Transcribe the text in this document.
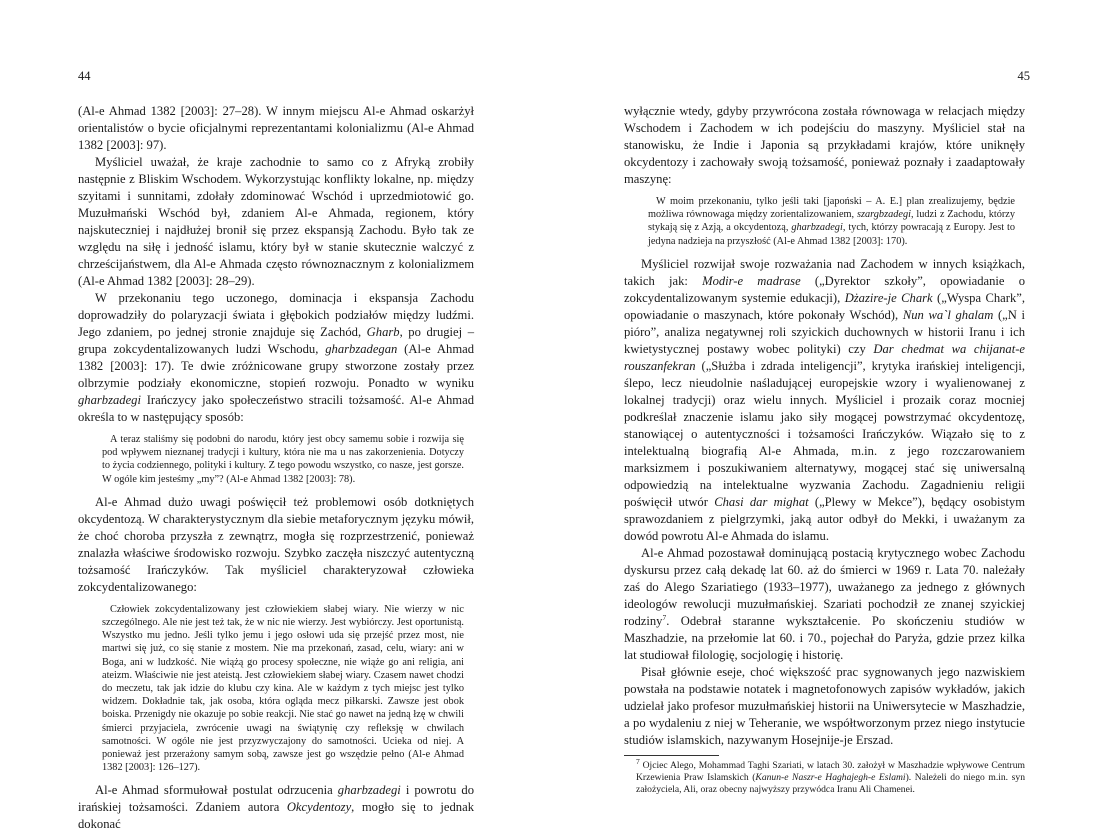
44

(Al-e Ahmad 1382 [2003]: 27–28). W innym miejscu Al-e Ahmad oskarżył orientalistów o bycie oficjalnymi reprezentantami kolonializmu (Al-e Ahmad 1382 [2003]: 97).

Myśliciel uważał, że kraje zachodnie to samo co z Afryką zrobiły następnie z Bliskim Wschodem. Wykorzystując konflikty lokalne, np. między szyitami i sunnitami, zdołały zdominować Wschód i uprzedmiotowić go. Muzułmański Wschód był, zdaniem Al-e Ahmada, regionem, który najskuteczniej i najdłużej bronił się przez ekspansją Zachodu. Było tak ze względu na siłę i jedność islamu, który był w stanie skutecznie walczyć z chrześcijaństwem, dla Al-e Ahmada często równoznacznym z kolonializmem (Al-e Ahmad 1382 [2003]: 28–29).

W przekonaniu tego uczonego, dominacja i ekspansja Zachodu doprowadziły do polaryzacji świata i głębokich podziałów między ludźmi. Jego zdaniem, po jednej stronie znajduje się Zachód, Gharb, po drugiej – grupa zokcydentalizowanych ludzi Wschodu, gharbzadegan (Al-e Ahmad 1382 [2003]: 17). Te dwie zróżnicowane grupy stworzone zostały przez olbrzymie podziały ekonomiczne, stopień rozwoju. Ponadto w wyniku gharbzadegi Irańczycy jako społeczeństwo stracili tożsamość. Al-e Ahmad określa to w następujący sposób:

A teraz staliśmy się podobni do narodu, który jest obcy samemu sobie i rozwija się pod wpływem nieznanej tradycji i kultury, która nie ma u nas zakorzenienia. Dotyczy to życia codziennego, polityki i kultury. Z tego powodu wszystko, co nasze, jest gorsze. W ogóle kim jesteśmy „my”? (Al-e Ahmad 1382 [2003]: 78).

Al-e Ahmad dużo uwagi poświęcił też problemowi osób dotkniętych okcydentozą. W charakterystycznym dla siebie metaforycznym języku mówił, że choć choroba przyszła z zewnątrz, mogła się rozprzestrzenić, ponieważ znalazła właściwe środowisko rozwoju. Szybko zaczęła niszczyć autentyczną tożsamość Irańczyków. Tak myśliciel charakteryzował człowieka zokcydentalizowanego:

Człowiek zokcydentalizowany jest człowiekiem słabej wiary. Nie wierzy w nic szczególnego. Ale nie jest też tak, że w nic nie wierzy. Jest wybiórczy. Jest oportunistą. Wszystko mu jedno. Jeśli tylko jemu i jego osłowi uda się przejść przez most, nie martwi się już, co się stanie z mostem. Nie ma przekonań, zasad, celu, wiary: ani w Boga, ani w ludzkość. Nie wiążą go procesy społeczne, nie wiąże go ani religia, ani ateizm. Właściwie nie jest ateistą. Jest człowiekiem słabej wiary. Czasem nawet chodzi do meczetu, tak jak idzie do klubu czy kina. Ale w każdym z tych miejsc jest tylko widzem. Dokładnie tak, jak osoba, która ogląda mecz piłkarski. Zawsze jest obok boiska. Przenigdy nie okazuje po sobie reakcji. Nie stać go nawet na jedną łzę w chwili śmierci przyjaciela, zwrócenie uwagi na świątynię czy refleksję w chwilach samotności. W ogóle nie jest przyzwyczajony do samotności. Ucieka od niej. A ponieważ jest przerażony samym sobą, zawsze jest go wszędzie pełno (Al-e Ahmad 1382 [2003]: 126–127).

Al-e Ahmad sformułował postulat odrzucenia gharbzadegi i powrotu do irańskiej tożsamości. Zdaniem autora Okcydentozy, mogło się to jednak dokonać

45

wyłącznie wtedy, gdyby przywrócona została równowaga w relacjach między Wschodem i Zachodem w ich podejściu do maszyny. Myśliciel stał na stanowisku, że Indie i Japonia są przykładami krajów, które uniknęły okcydentozy i zachowały swoją tożsamość, ponieważ poznały i zaadaptowały maszynę:

W moim przekonaniu, tylko jeśli taki [japoński – A. E.] plan zrealizujemy, będzie możliwa równowaga między zorientalizowaniem, szargbzadegi, ludzi z Zachodu, którzy stykają się z Azją, a okcydentozą, gharbzadegi, tych, którzy powracają z Europy. Jest to jedyna nadzieja na przyszłość (Al-e Ahmad 1382 [2003]: 170).

Myśliciel rozwijał swoje rozważania nad Zachodem w innych książkach, takich jak: Modir-e madrase („Dyrektor szkoły”, opowiadanie o zokcydentalizowanym systemie edukacji), Dżazire-je Chark („Wyspa Chark”, opowiadanie o maszynach, które pokonały Wschód), Nun wa`l ghalam („N i pióro”, analiza negatywnej roli szyickich duchownych w historii Iranu i ich kwietystycznej postawy wobec polityki) czy Dar chedmat wa chijanat-e rouszanfekran („Służba i zdrada inteligencji”, krytyka irańskiej inteligencji, ślepo, lecz nieudolnie naśladującej europejskie wzory i wyalienowanej z lokalnej tradycji) oraz wielu innych. Myśliciel i prozaik coraz mocniej podkreślał znaczenie islamu jako siły mogącej powstrzymać okcydentozę, stanowiącej o autentyczności i tożsamości Irańczyków. Wiązało się to z intelektualną biografią Al-e Ahmada, m.in. z jego rozczarowaniem marksizmem i poszukiwaniem alternatywy, mogącej stać się uniwersalną odpowiedzią na intelektualne wyzwania Zachodu. Zagadnieniu religii poświęcił utwór Chasi dar mighat („Plewy w Mekce”), będący osobistym sprawozdaniem z pielgrzymki, jaką autor odbył do Mekki, i uważanym za dowód powrotu Al-e Ahmada do islamu.

Al-e Ahmad pozostawał dominującą postacią krytycznego wobec Zachodu dyskursu przez całą dekadę lat 60. aż do śmierci w 1969 r. Lata 70. należały zaś do Alego Szariatiego (1933–1977), uważanego za jednego z głównych ideologów rewolucji muzułmańskiej. Szariati pochodził ze znanej szyickiej rodziny$^7$. Odebrał staranne wykształcenie. Po skończeniu studiów w Maszhadzie, na przełomie lat 60. i 70., pojechał do Paryża, gdzie przez kilka lat studiował filologię, socjologię i historię.

Pisał głównie eseje, choć większość prac sygnowanych jego nazwiskiem powstała na podstawie notatek i magnetofonowych zapisów wykładów, jakich udzielał jako profesor muzułmańskiej historii na Uniwersytecie w Maszhadzie, a po wydaleniu z niej w Teheranie, we współtworzonym przez niego instytucie studiów islamskich, nazywanym Hosejnije-je Erszad.

$^7$ Ojciec Alego, Mohammad Taghi Szariati, w latach 30. założył w Maszhadzie wpływowe Centrum Krzewienia Praw Islamskich (Kanun-e Naszr-e Haghajegh-e Eslami). Należeli do niego m.in. syn założyciela, Ali, oraz obecny najwyższy przywódca Iranu Ali Chamenei.
